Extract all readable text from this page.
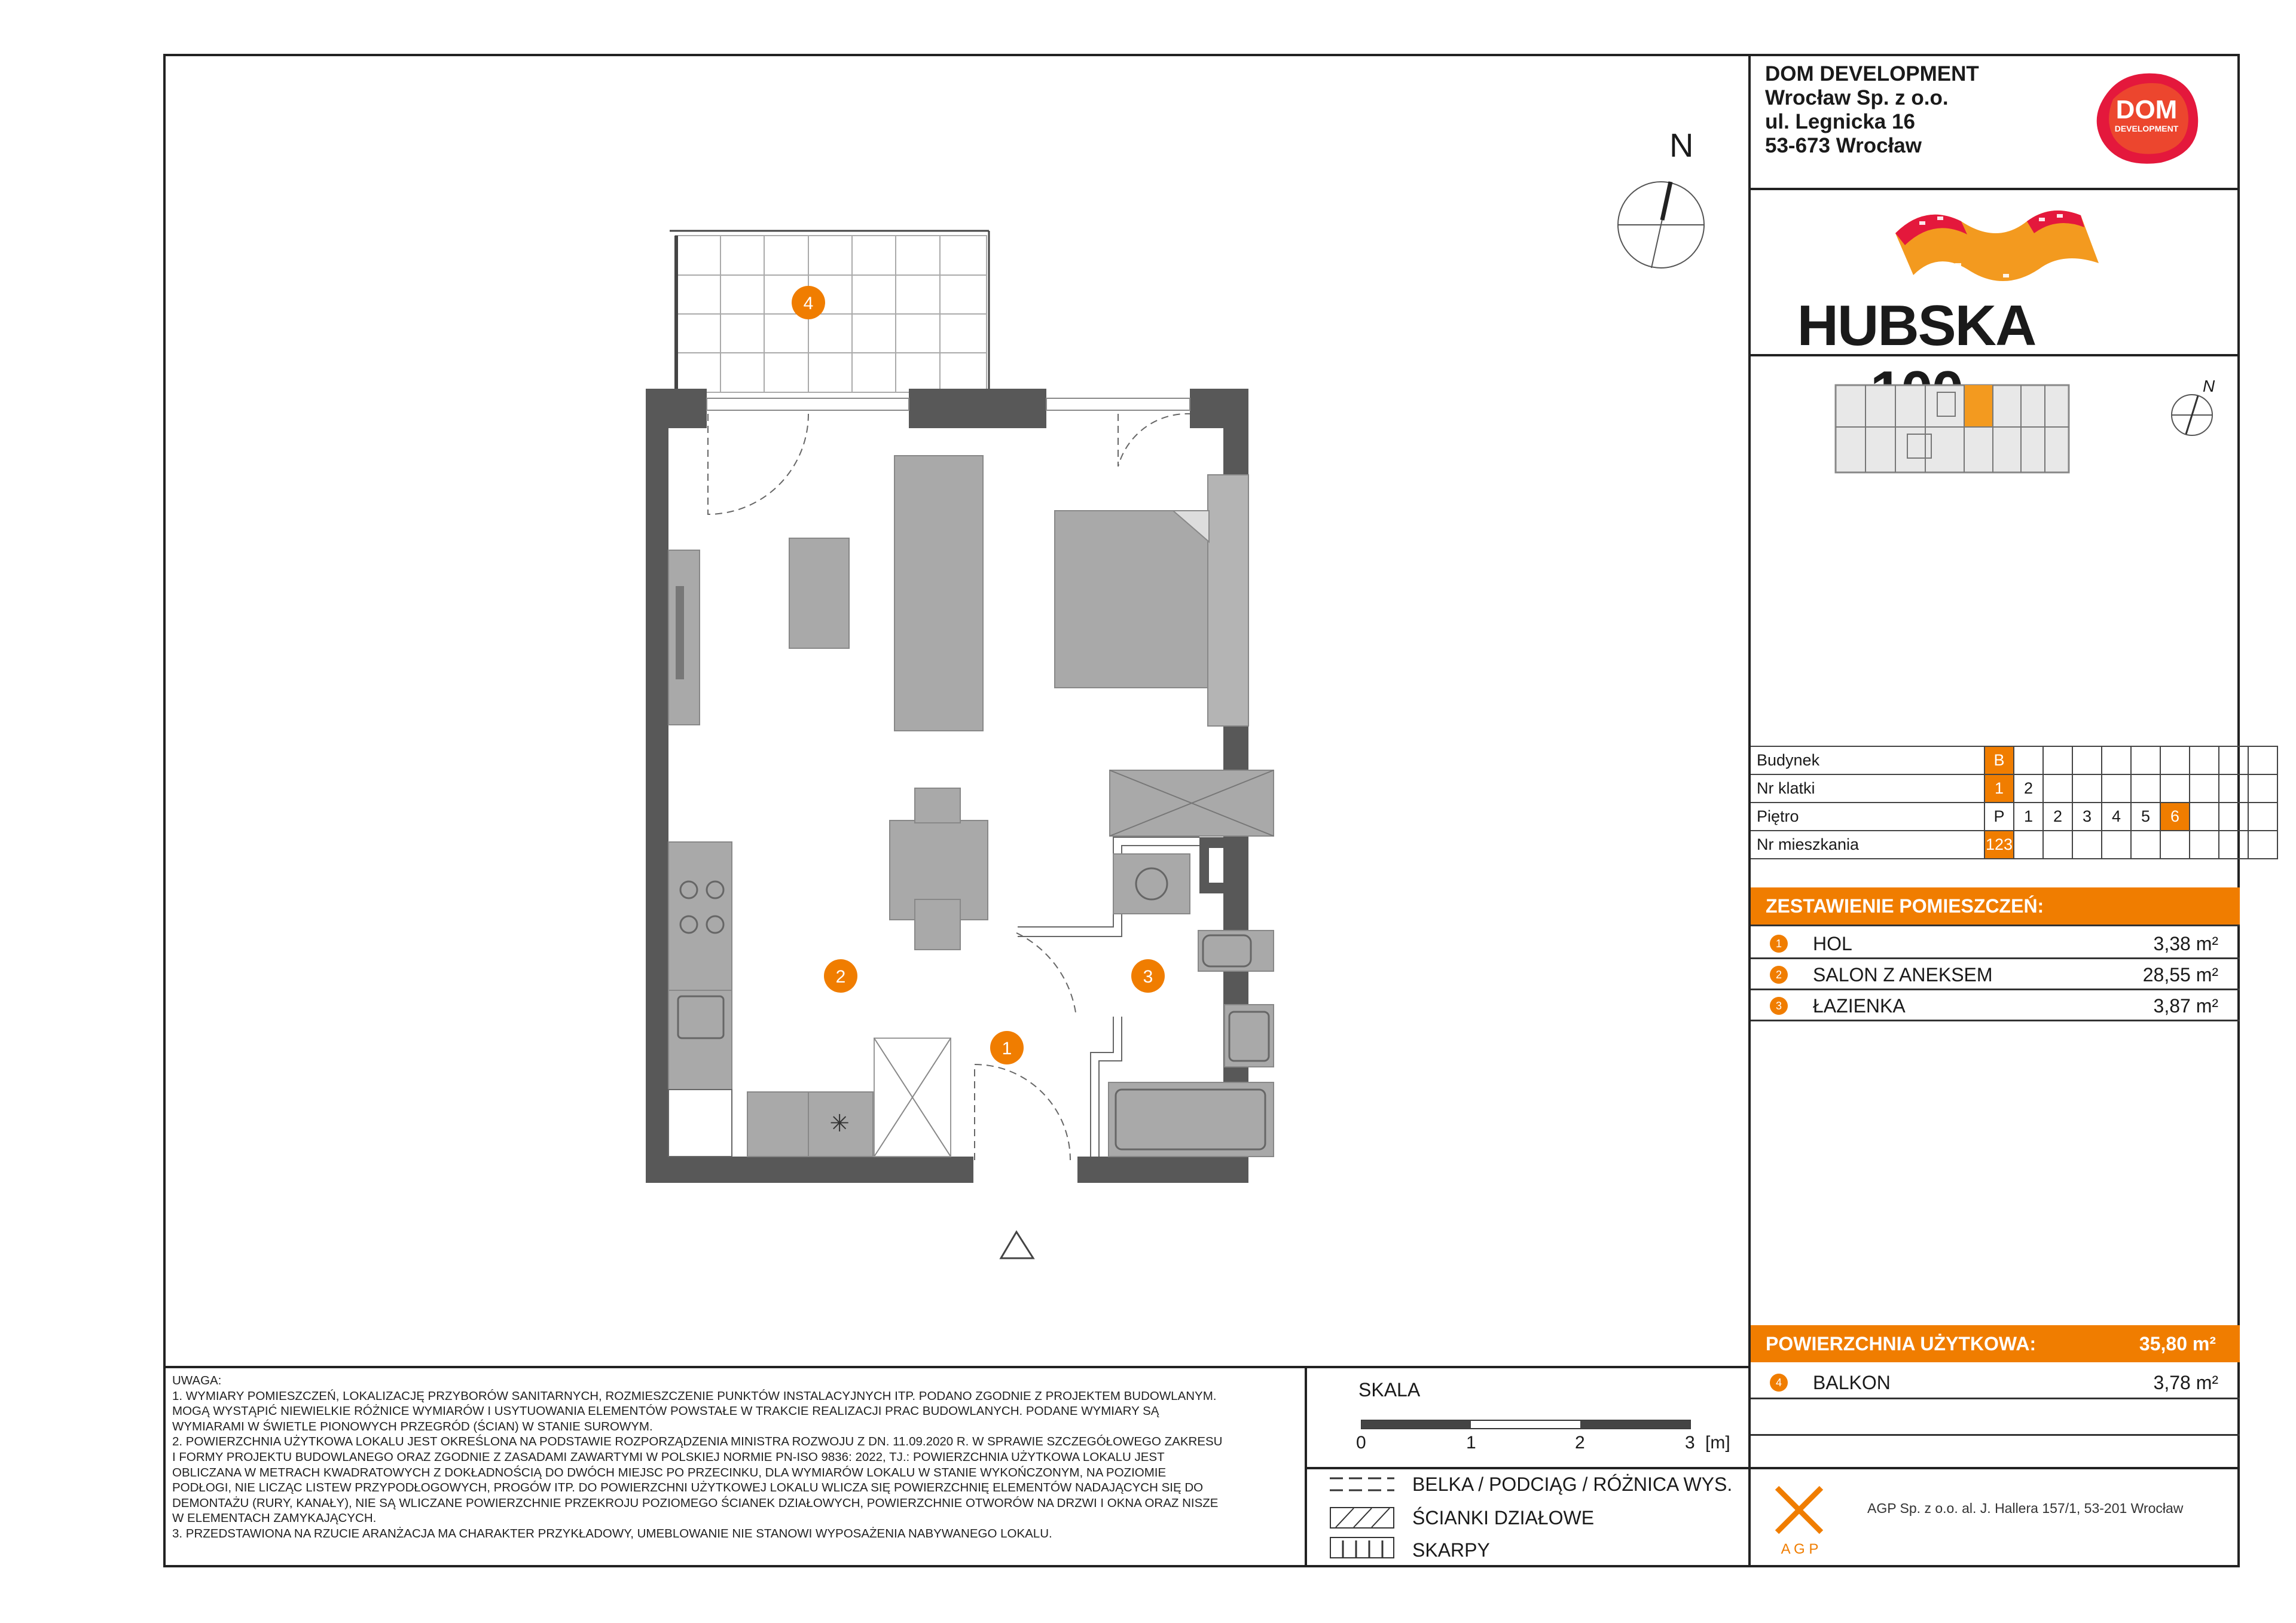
DOM DEVELOPMENT
Wrocław Sp. z o.o.
ul. Legnicka 16
53-673 Wrocław
DOM
DEVELOPMENT
HUBSKA
N
Budynek	B									
Nr klatki	1	2								
Piętro	P	1	2	3	4	5	6			
Nr mieszkania	123									
ZESTAWIENIE POMIESZCZEŃ:
1	HOL	3,38 m²
2	SALON Z ANEKSEM	28,55 m²
3	ŁAZIENKA	3,87 m²
POWIERZCHNIA UŻYTKOWA:	35,80 m²
4	BALKON	3,78 m²
UWAGA:
1. WYMIARY POMIESZCZEŃ, LOKALIZACJĘ PRZYBORÓW SANITARNYCH, ROZMIESZCZENIE PUNKTÓW INSTALACYJNYCH ITP. PODANO ZGODNIE Z PROJEKTEM BUDOWLANYM.
MOGĄ WYSTĄPIĆ NIEWIELKIE RÓŻNICE WYMIARÓW I USYTUOWANIA ELEMENTÓW POWSTAŁE W TRAKCIE REALIZACJI PRAC BUDOWLANYCH. PODANE WYMIARY SĄ
WYMIARAMI W ŚWIETLE PIONOWYCH PRZEGRÓD (ŚCIAN) W STANIE SUROWYM.
2. POWIERZCHNIA UŻYTKOWA LOKALU JEST OKREŚLONA NA PODSTAWIE ROZPORZĄDZENIA MINISTRA ROZWOJU Z DN. 11.09.2020 R. W SPRAWIE SZCZEGÓŁOWEGO ZAKRESU
I FORMY PROJEKTU BUDOWLANEGO ORAZ ZGODNIE Z ZASADAMI ZAWARTYMI W POLSKIEJ NORMIE PN-ISO 9836: 2022, TJ.: POWIERZCHNIA UŻYTKOWA LOKALU JEST
OBLICZANA W METRACH KWADRATOWYCH Z DOKŁADNOŚCIĄ DO DWÓCH MIEJSC PO PRZECINKU, DLA WYMIARÓW LOKALU W STANIE WYKOŃCZONYM, NA POZIOMIE
PODŁOGI, NIE LICZĄC LISTEW PRZYPODŁOGOWYCH, PROGÓW ITP. DO POWIERZCHNI UŻYTKOWEJ LOKALU WLICZA SIĘ POWIERZCHNIĘ ELEMENTÓW NADAJĄCYCH SIĘ DO
DEMONTAŻU (RURY, KANAŁY), NIE SĄ WLICZANE POWIERZCHNIE PRZEKROJU POZIOMEGO ŚCIANEK DZIAŁOWYCH, POWIERZCHNIE OTWORÓW NA DRZWI I OKNA ORAZ NISZE
W ELEMENTACH ZAMYKAJĄCYCH.
3. PRZEDSTAWIONA NA RZUCIE ARANŻACJA MA CHARAKTER PRZYKŁADOWY, UMEBLOWANIE NIE STANOWI WYPOSAŻENIA NABYWANEGO LOKALU.
SKALA
0	1	2	3 [m]
BELKA / PODCIĄG / RÓŻNICA WYS.
ŚCIANKI DZIAŁOWE
SKARPY	A G P
AGP Sp. z o.o. al. J. Hallera 157/1, 53-201 Wrocław
N
✳
4
2	3
1
